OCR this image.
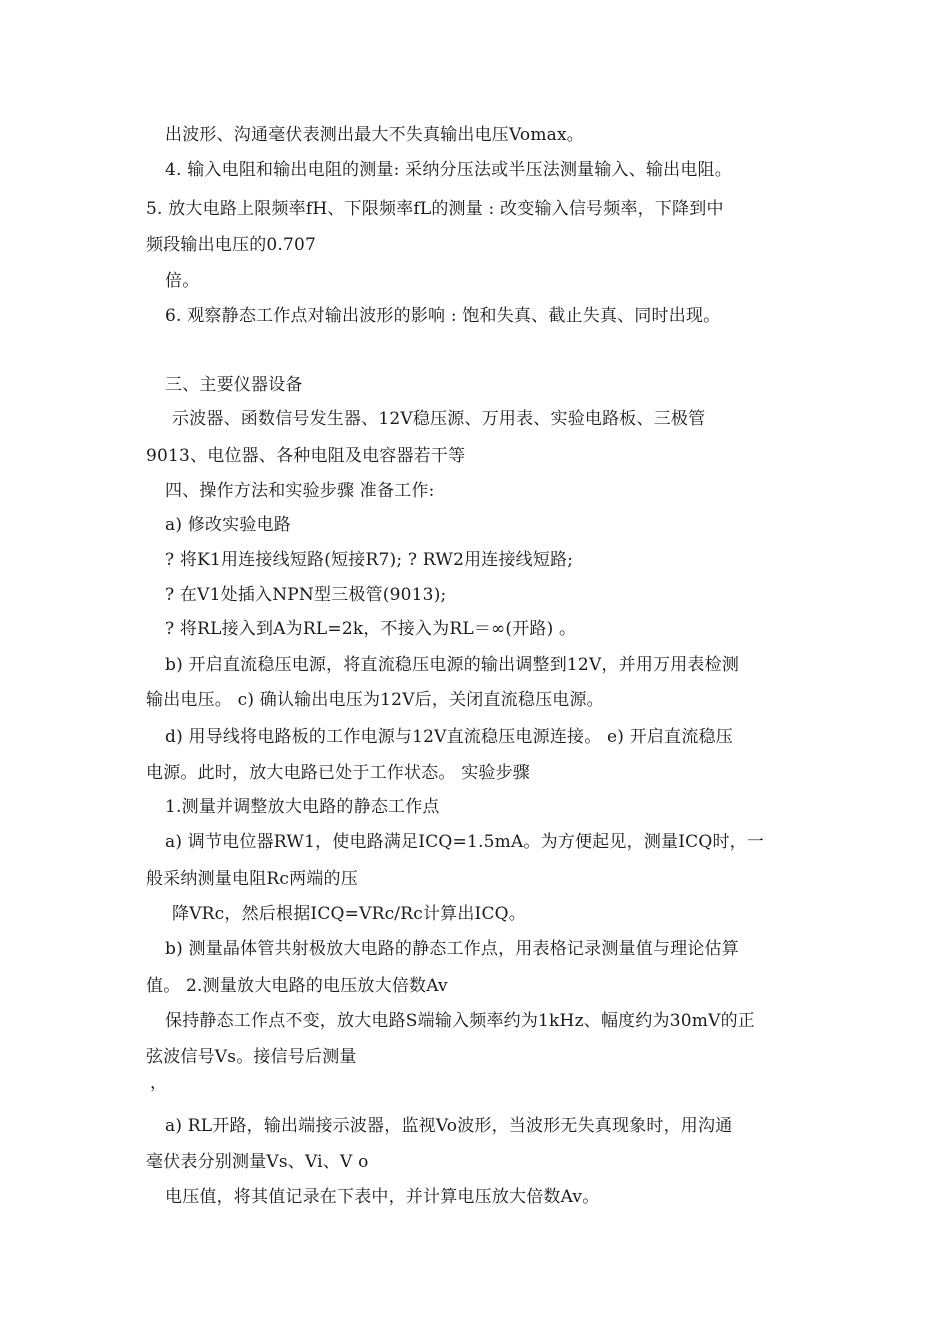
出波形、沟通毫伏表测出最大不失真输出电压Vomax。

4. 输入电阻和输出电阻的测量: 采纳分压法或半压法测量输入、输出电阻。

5. 放大电路上限频率fH、下限频率fL的测量 : 改变输入信号频率，下降到中

频段输出电压的0.707

倍。

6. 观察静态工作点对输出波形的影响 : 饱和失真、截止失真、同时出现。

三、主要仪器设备

示波器、函数信号发生器、12V稳压源、万用表、实验电路板、三极管

9013、电位器、各种电阻及电容器若干等

四、操作方法和实验步骤 准备工作:

a) 修改实验电路

? 将K1用连接线短路(短接R7); ? RW2用连接线短路;

? 在V1处插入NPN型三极管(9013);

? 将RL接入到A为RL=2k，不接入为RL＝∞(开路) 。

b) 开启直流稳压电源，将直流稳压电源的输出调整到12V，并用万用表检测

输出电压。 c) 确认输出电压为12V后，关闭直流稳压电源。

d) 用导线将电路板的工作电源与12V直流稳压电源连接。 e) 开启直流稳压

电源。此时，放大电路已处于工作状态。 实验步骤

1.测量并调整放大电路的静态工作点

a) 调节电位器RW1，使电路满足ICQ=1.5mA。为方便起见，测量ICQ时，一

般采纳测量电阻Rc两端的压

降VRc，然后根据ICQ=VRc/Rc计算出ICQ。

b) 测量晶体管共射极放大电路的静态工作点，用表格记录测量值与理论估算

值。 2.测量放大电路的电压放大倍数Av

保持静态工作点不变，放大电路S端输入频率约为1kHz、幅度约为30mV的正

弦波信号Vs。接信号后测量

，

a) RL开路，输出端接示波器，监视Vo波形，当波形无失真现象时，用沟通

毫伏表分别测量Vs、Vi、V o

电压值，将其值记录在下表中，并计算电压放大倍数Av。
